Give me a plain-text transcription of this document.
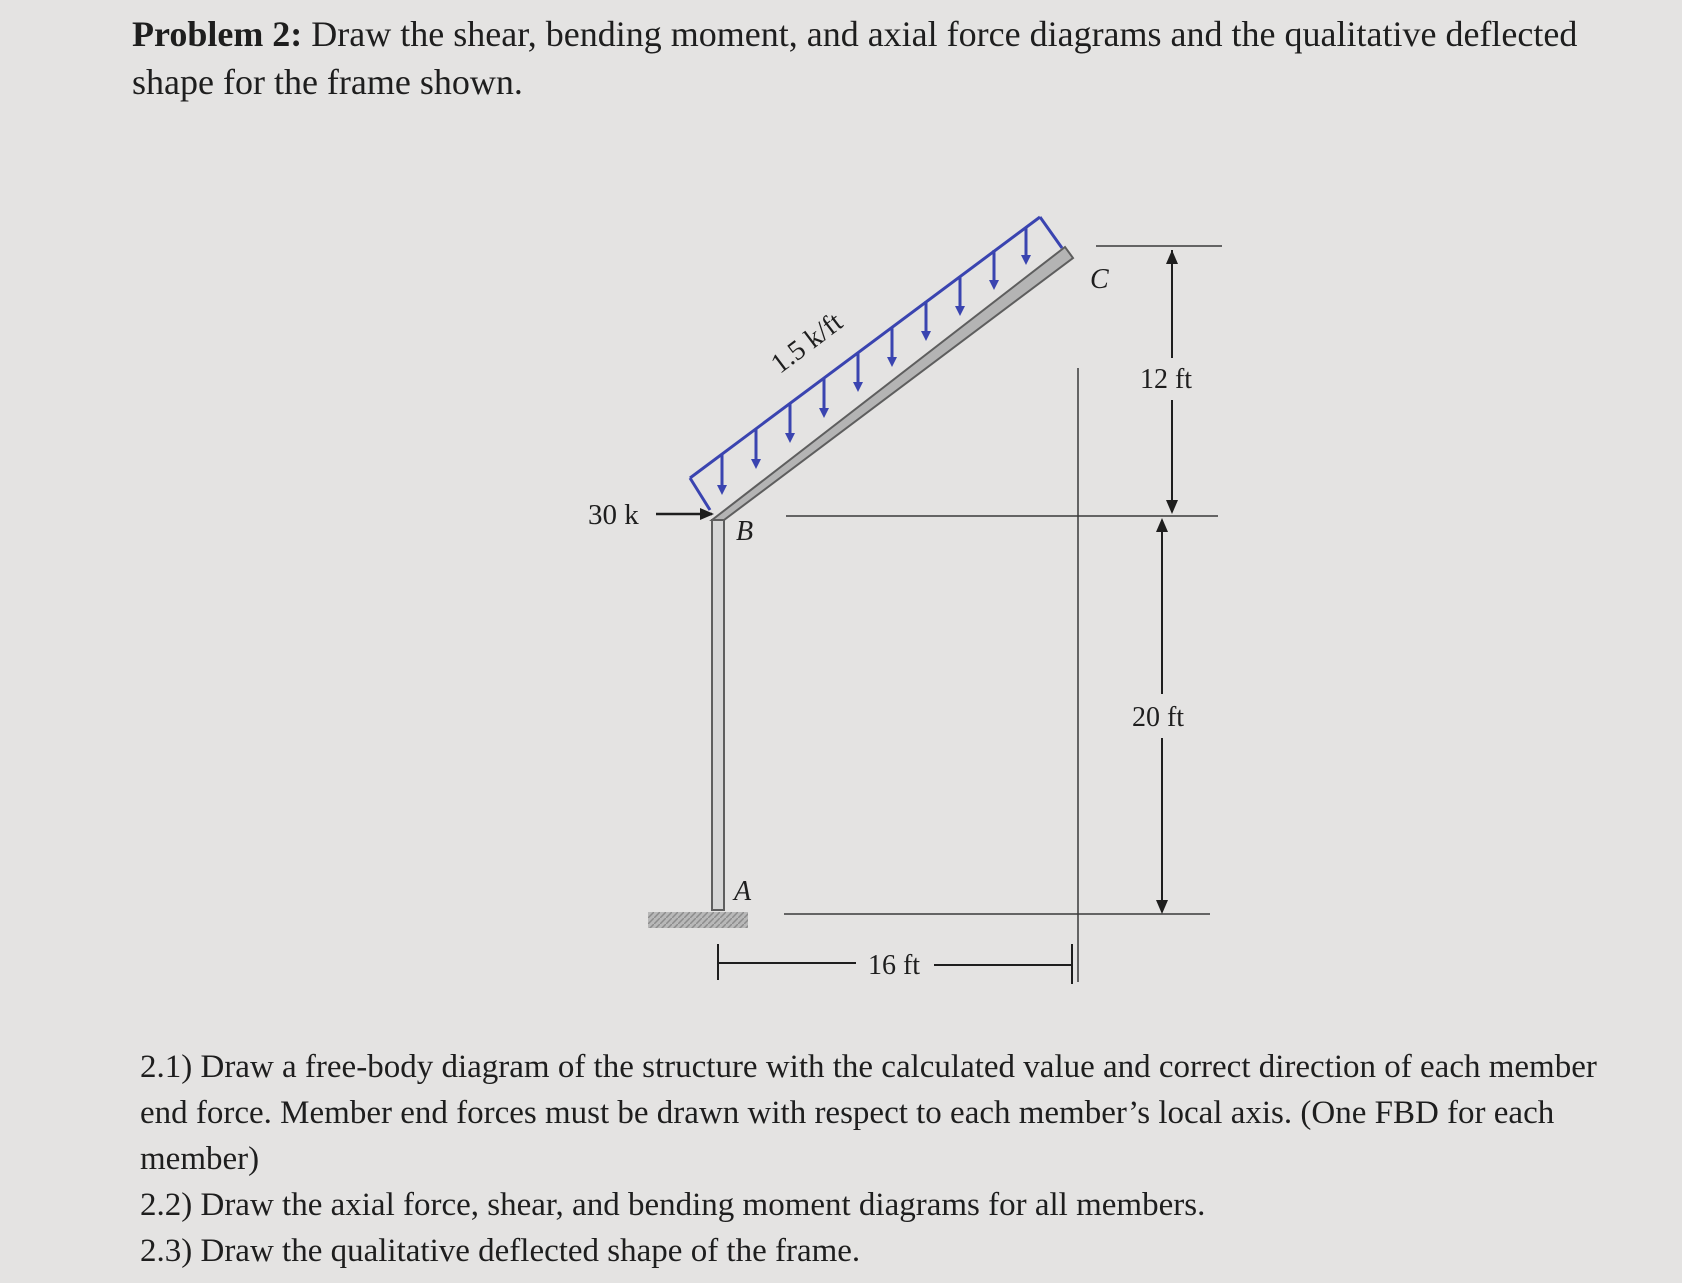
Problem 2: Draw the shear, bending moment, and axial force diagrams and the qualitative deflected shape for the frame shown.
1.5 k/ft
30 k
B
A
C
12 ft
20 ft
16 ft

2.1) Draw a free-body diagram of the structure with the calculated value and correct direction of each member end force. Member end forces must be drawn with respect to each member’s local axis. (One FBD for each member)

2.2) Draw the axial force, shear, and bending moment diagrams for all members.

2.3) Draw the qualitative deflected shape of the frame.
